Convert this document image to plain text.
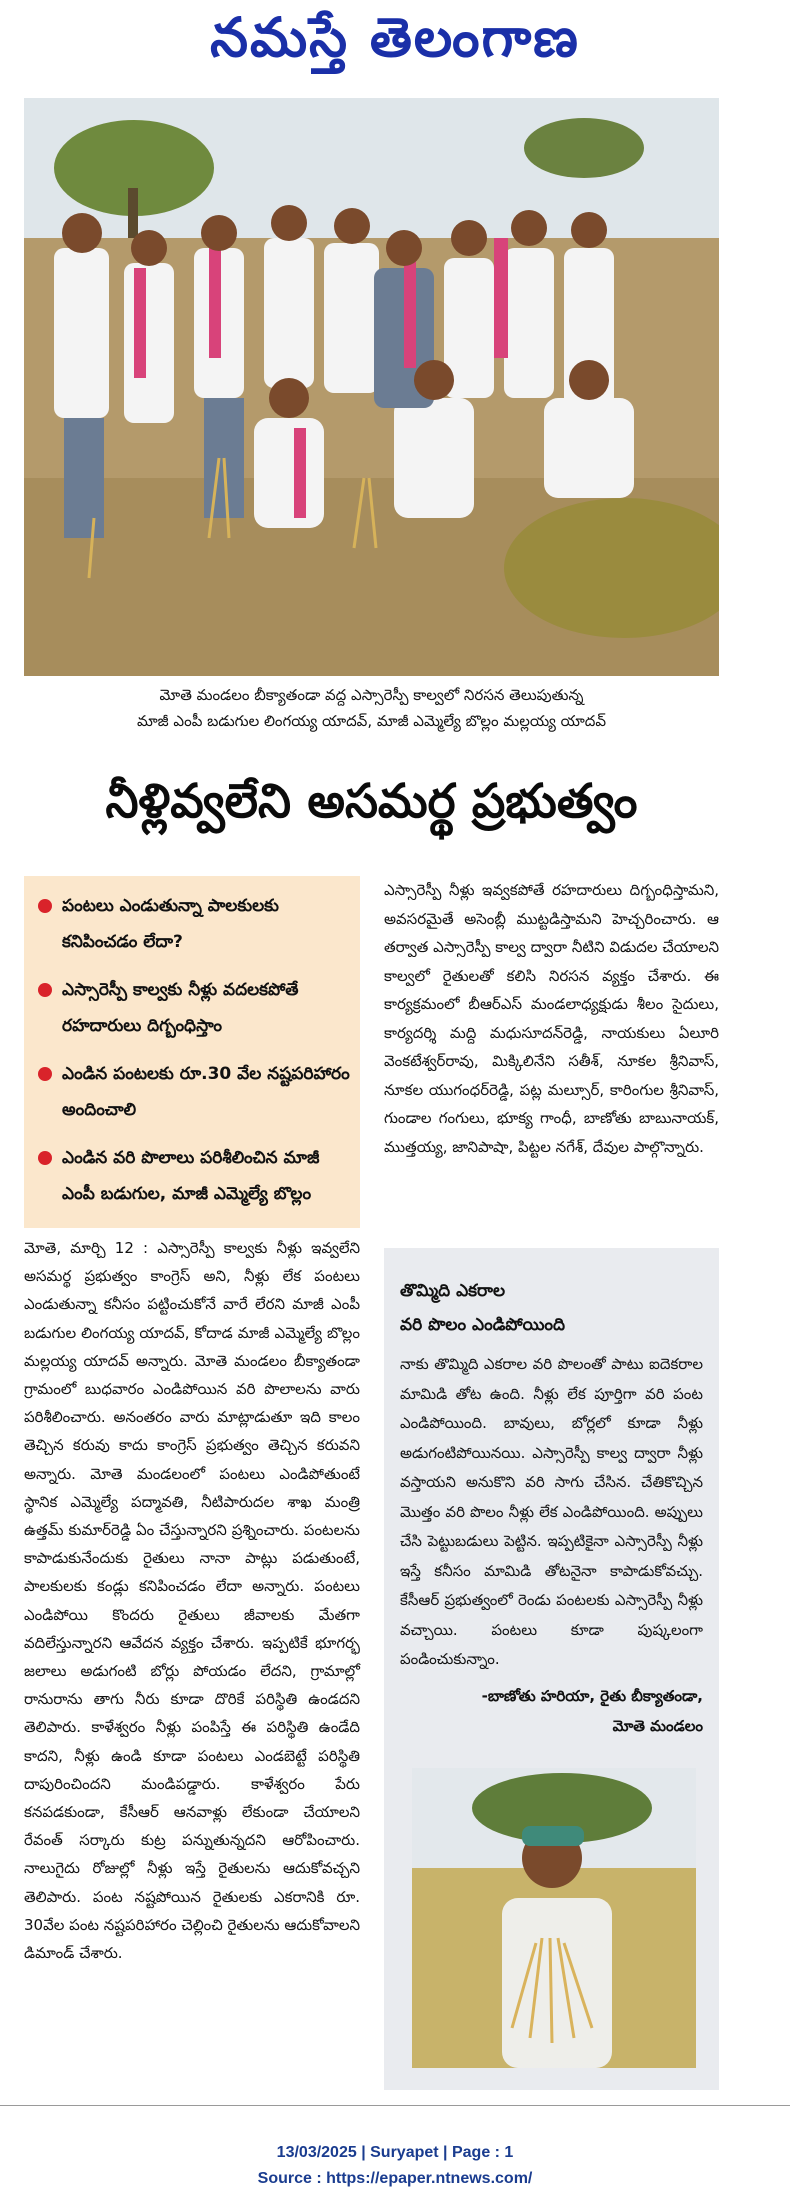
నమస్తే తెలంగాణ
మోతె మండలం బీక్యాతండా వద్ద ఎస్సారెస్పీ కాల్వలో నిరసన తెలుపుతున్న
మాజీ ఎంపీ బడుగుల లింగయ్య యాదవ్‌, మాజీ ఎమ్మెల్యే బొల్లం మల్లయ్య యాదవ్‌
నీళ్లివ్వలేని అసమర్థ ప్రభుత్వం
పంటలు ఎండుతున్నా పాలకులకు కనిపించడం లేదా?
ఎస్సారెస్పీ కాల్వకు నీళ్లు వదలకపోతే రహదారులు దిగ్బంధిస్తాం
ఎండిన పంటలకు రూ.30 వేల నష్టపరిహారం అందించాలి
ఎండిన వరి పొలాలు పరిశీలించిన మాజీ ఎంపీ బడుగుల, మాజీ ఎమ్మెల్యే బొల్లం
ఎస్సారెస్పీ నీళ్లు ఇవ్వకపోతే రహదారులు దిగ్బంధిస్తామని, అవసరమైతే అసెంబ్లీ ముట్టడిస్తామని హెచ్చరించారు. ఆ తర్వాత ఎస్సారెస్పీ కాల్వ ద్వారా నీటిని విడుదల చేయాలని కాల్వలో రైతులతో కలిసి నిరసన వ్యక్తం చేశారు. ఈ కార్యక్రమంలో బీఆర్‌ఎస్‌ మండలాధ్యక్షుడు శీలం సైదులు, కార్యదర్శి మద్ది మధుసూదన్‌రెడ్డి, నాయకులు ఏలూరి వెంకటేశ్వర్‌రావు, మిక్కిలినేని సతీశ్‌, నూకల శ్రీనివాస్‌, నూకల యుగంధర్‌రెడ్డి, పట్ల మల్సూర్‌, కారింగుల శ్రీనివాస్‌, గుండాల గంగులు, భూక్య గాంధీ, బాణోతు బాబునాయక్‌, ముత్తయ్య, జానిపాషా, పిట్టల నగేశ్‌, దేవుల పాల్గొన్నారు.
మోతె, మార్చి 12 : ఎస్సారెస్పీ కాల్వకు నీళ్లు ఇవ్వలేని అసమర్థ ప్రభుత్వం కాంగ్రెస్‌ అని, నీళ్లు లేక పంటలు ఎండుతున్నా కనీసం పట్టించుకోనే వారే లేరని మాజీ ఎంపీ బడుగుల లింగయ్య యాదవ్‌, కోదాడ మాజీ ఎమ్మెల్యే బొల్లం మల్లయ్య యాదవ్‌ అన్నారు. మోతె మండలం బీక్యాతండా గ్రామంలో బుధవారం ఎండిపోయిన వరి పొలాలను వారు పరిశీలించారు. అనంతరం వారు మాట్లాడుతూ ఇది కాలం తెచ్చిన కరువు కాదు కాంగ్రెస్‌ ప్రభుత్వం తెచ్చిన కరువని అన్నారు. మోతె మండలంలో పంటలు ఎండిపోతుంటే స్థానిక ఎమ్మెల్యే పద్మావతి, నీటిపారుదల శాఖ మంత్రి ఉత్తమ్‌ కుమార్‌రెడ్డి ఏం చేస్తున్నారని ప్రశ్నించారు. పంటలను కాపాడుకునేందుకు రైతులు నానా పాట్లు పడుతుంటే, పాలకులకు కండ్లు కనిపించడం లేదా అన్నారు. పంటలు ఎండిపోయి కొందరు రైతులు జీవాలకు మేతగా వదిలేస్తున్నారని ఆవేదన వ్యక్తం చేశారు. ఇప్పటికే భూగర్భ జలాలు అడుగంటి బోర్లు పోయడం లేదని, గ్రామాల్లో రానురాను తాగు నీరు కూడా దొరికే పరిస్థితి ఉండదని తెలిపారు. కాళేశ్వరం నీళ్లు పంపిస్తే ఈ పరిస్థితి ఉండేది కాదని, నీళ్లు ఉండి కూడా పంటలు ఎండబెట్టే పరిస్థితి దాపురించిందని మండిపడ్డారు. కాళేశ్వరం పేరు కనపడకుండా, కేసీఆర్‌ ఆనవాళ్లు లేకుండా చేయాలని రేవంత్‌ సర్కారు కుట్ర పన్నుతున్నదని ఆరోపించారు. నాలుగైదు రోజుల్లో నీళ్లు ఇస్తే రైతులను ఆదుకోవచ్చని తెలిపారు. పంట నష్టపోయిన రైతులకు ఎకరానికి రూ. 30వేల పంట నష్టపరిహారం చెల్లించి రైతులను ఆదుకోవాలని డిమాండ్‌ చేశారు.
తొమ్మిది ఎకరాల
వరి పొలం ఎండిపోయింది
నాకు తొమ్మిది ఎకరాల వరి పొలంతో పాటు ఐదెకరాల మామిడి తోట ఉంది. నీళ్లు లేక పూర్తిగా వరి పంట ఎండిపోయింది. బావులు, బోర్లలో కూడా నీళ్లు అడుగంటిపోయినయి. ఎస్సారెస్పీ కాల్వ ద్వారా నీళ్లు వస్తాయని అనుకొని వరి సాగు చేసిన. చేతికొచ్చిన మొత్తం వరి పొలం నీళ్లు లేక ఎండిపోయింది. అప్పులు చేసి పెట్టుబడులు పెట్టిన. ఇప్పటికైనా ఎస్సారెస్పీ నీళ్లు ఇస్తే కనీసం మామిడి తోటనైనా కాపాడుకోవచ్చు. కేసీఆర్‌ ప్రభుత్వంలో రెండు పంటలకు ఎస్సారెస్పీ నీళ్లు వచ్చాయి. పంటలు కూడా పుష్కలంగా పండించుకున్నాం.
-బాణోతు హరియా, రైతు బీక్యాతండా,
మోతె మండలం
13/03/2025 | Suryapet | Page : 1
Source : https://epaper.ntnews.com/
